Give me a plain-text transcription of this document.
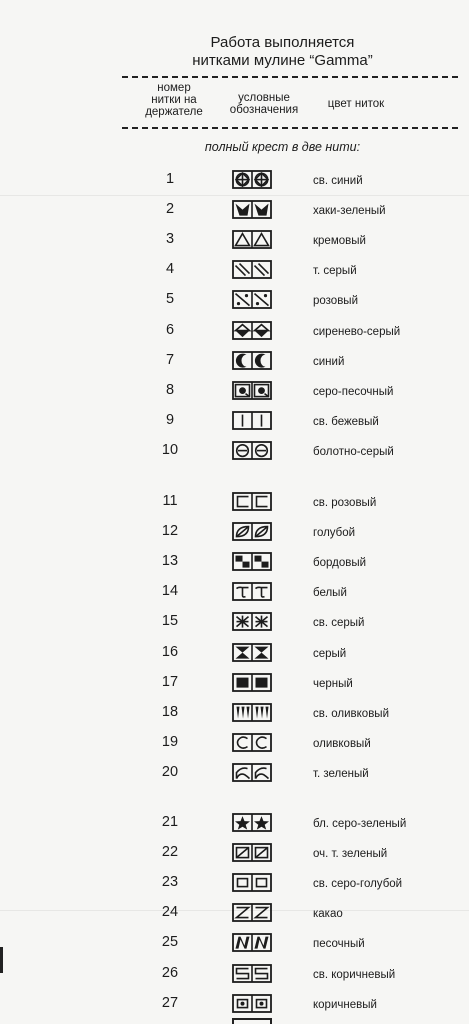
Работа выполняется
нитками мулине “Gamma”
номер
нитки на
держателе
условные
обозначения	цвет ниток
полный крест в две нити:
1	св. синий
2	хаки-зеленый
3	кремовый
4	т. серый
5	розовый
6	сиренево-серый
7	синий
8	серо-песочный
9	св. бежевый
10	болотно-серый
11	св. розовый
12	голубой
13	бордовый
14	белый
15	св. серый
16	серый
17	черный
18	св. оливковый
19	оливковый
20	т. зеленый
21	бл. серо-зеленый
22	оч. т. зеленый
23	св. серо-голубой
24	какао
25	песочный
26	св. коричневый
27	коричневый
